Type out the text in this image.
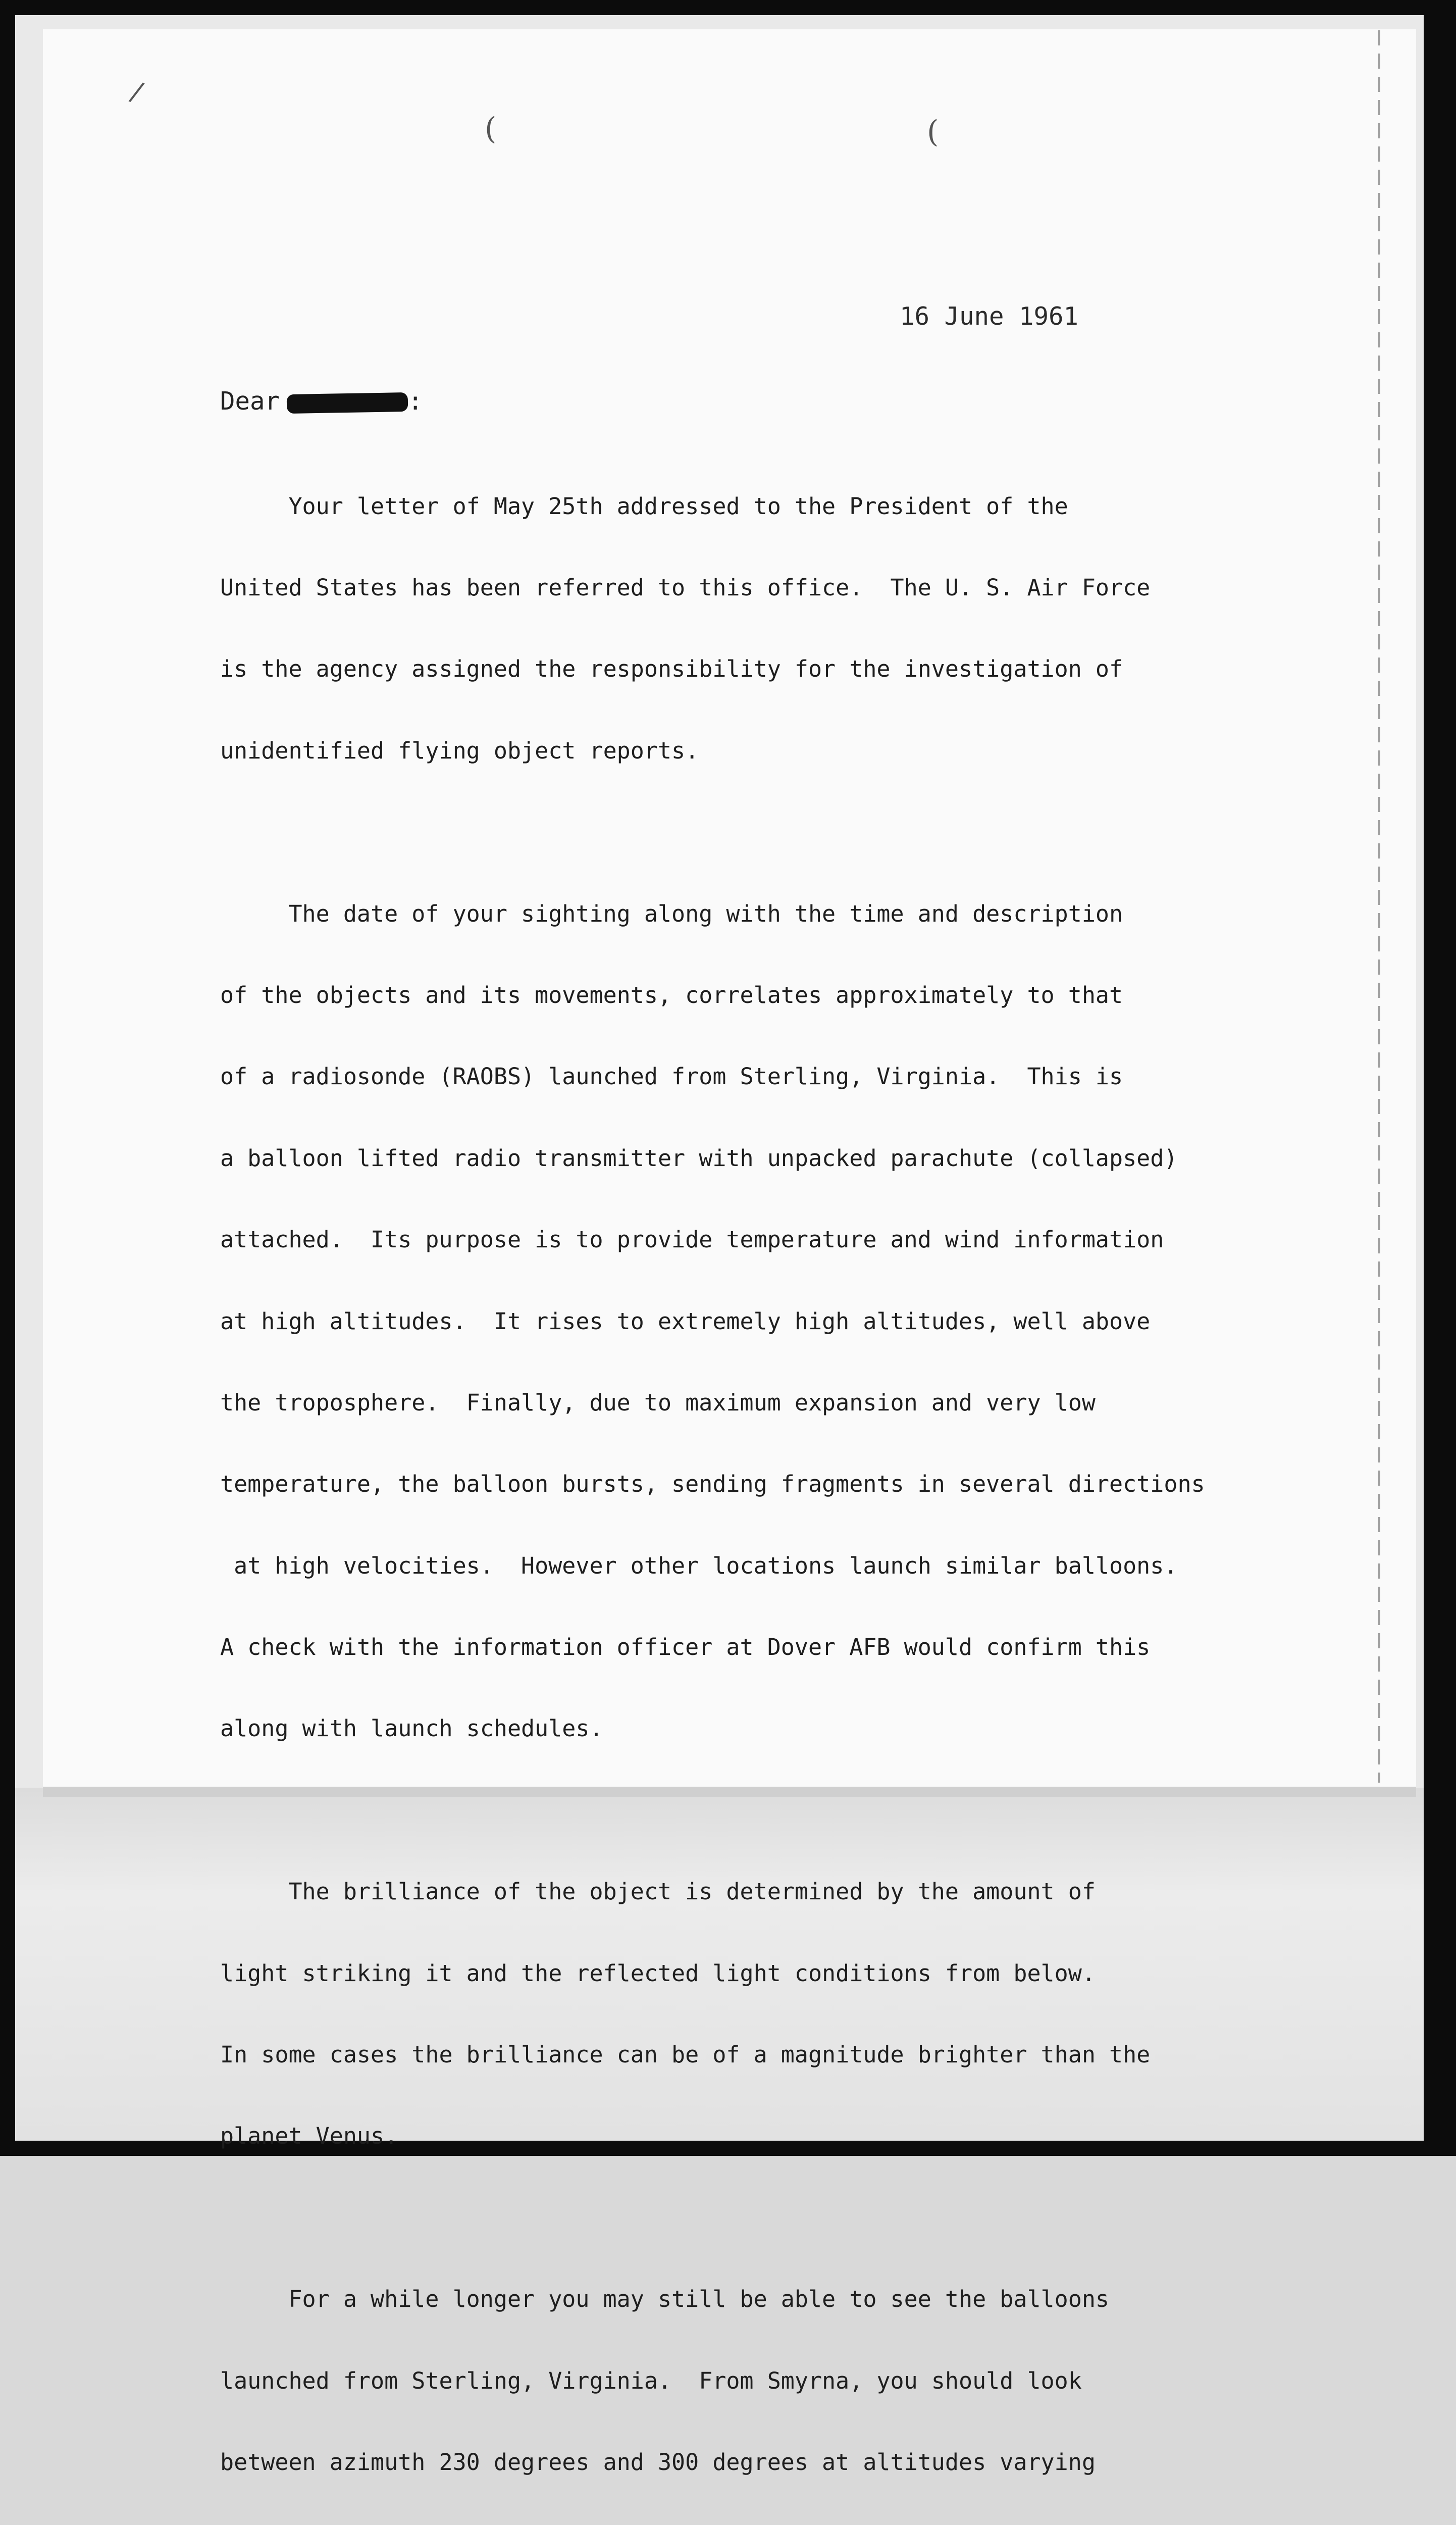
(	(
/
16 June 1961
Dear	:

Your letter of May 25th addressed to the President of the

United States has been referred to this office.  The U. S. Air Force

is the agency assigned the responsibility for the investigation of

unidentified flying object reports.

The date of your sighting along with the time and description

of the objects and its movements, correlates approximately to that

of a radiosonde (RAOBS) launched from Sterling, Virginia.  This is

a balloon lifted radio transmitter with unpacked parachute (collapsed)

attached.  Its purpose is to provide temperature and wind information

at high altitudes.  It rises to extremely high altitudes, well above

the troposphere.  Finally, due to maximum expansion and very low

temperature, the balloon bursts, sending fragments in several directions

at high velocities.  However other locations launch similar balloons.

A check with the information officer at Dover AFB would confirm this

along with launch schedules.

The brilliance of the object is determined by the amount of

light striking it and the reflected light conditions from below.

In some cases the brilliance can be of a magnitude brighter than the

planet Venus.

For a while longer you may still be able to see the balloons

launched from Sterling, Virginia.  From Smyrna, you should look

between azimuth 230 degrees and 300 degrees at altitudes varying
